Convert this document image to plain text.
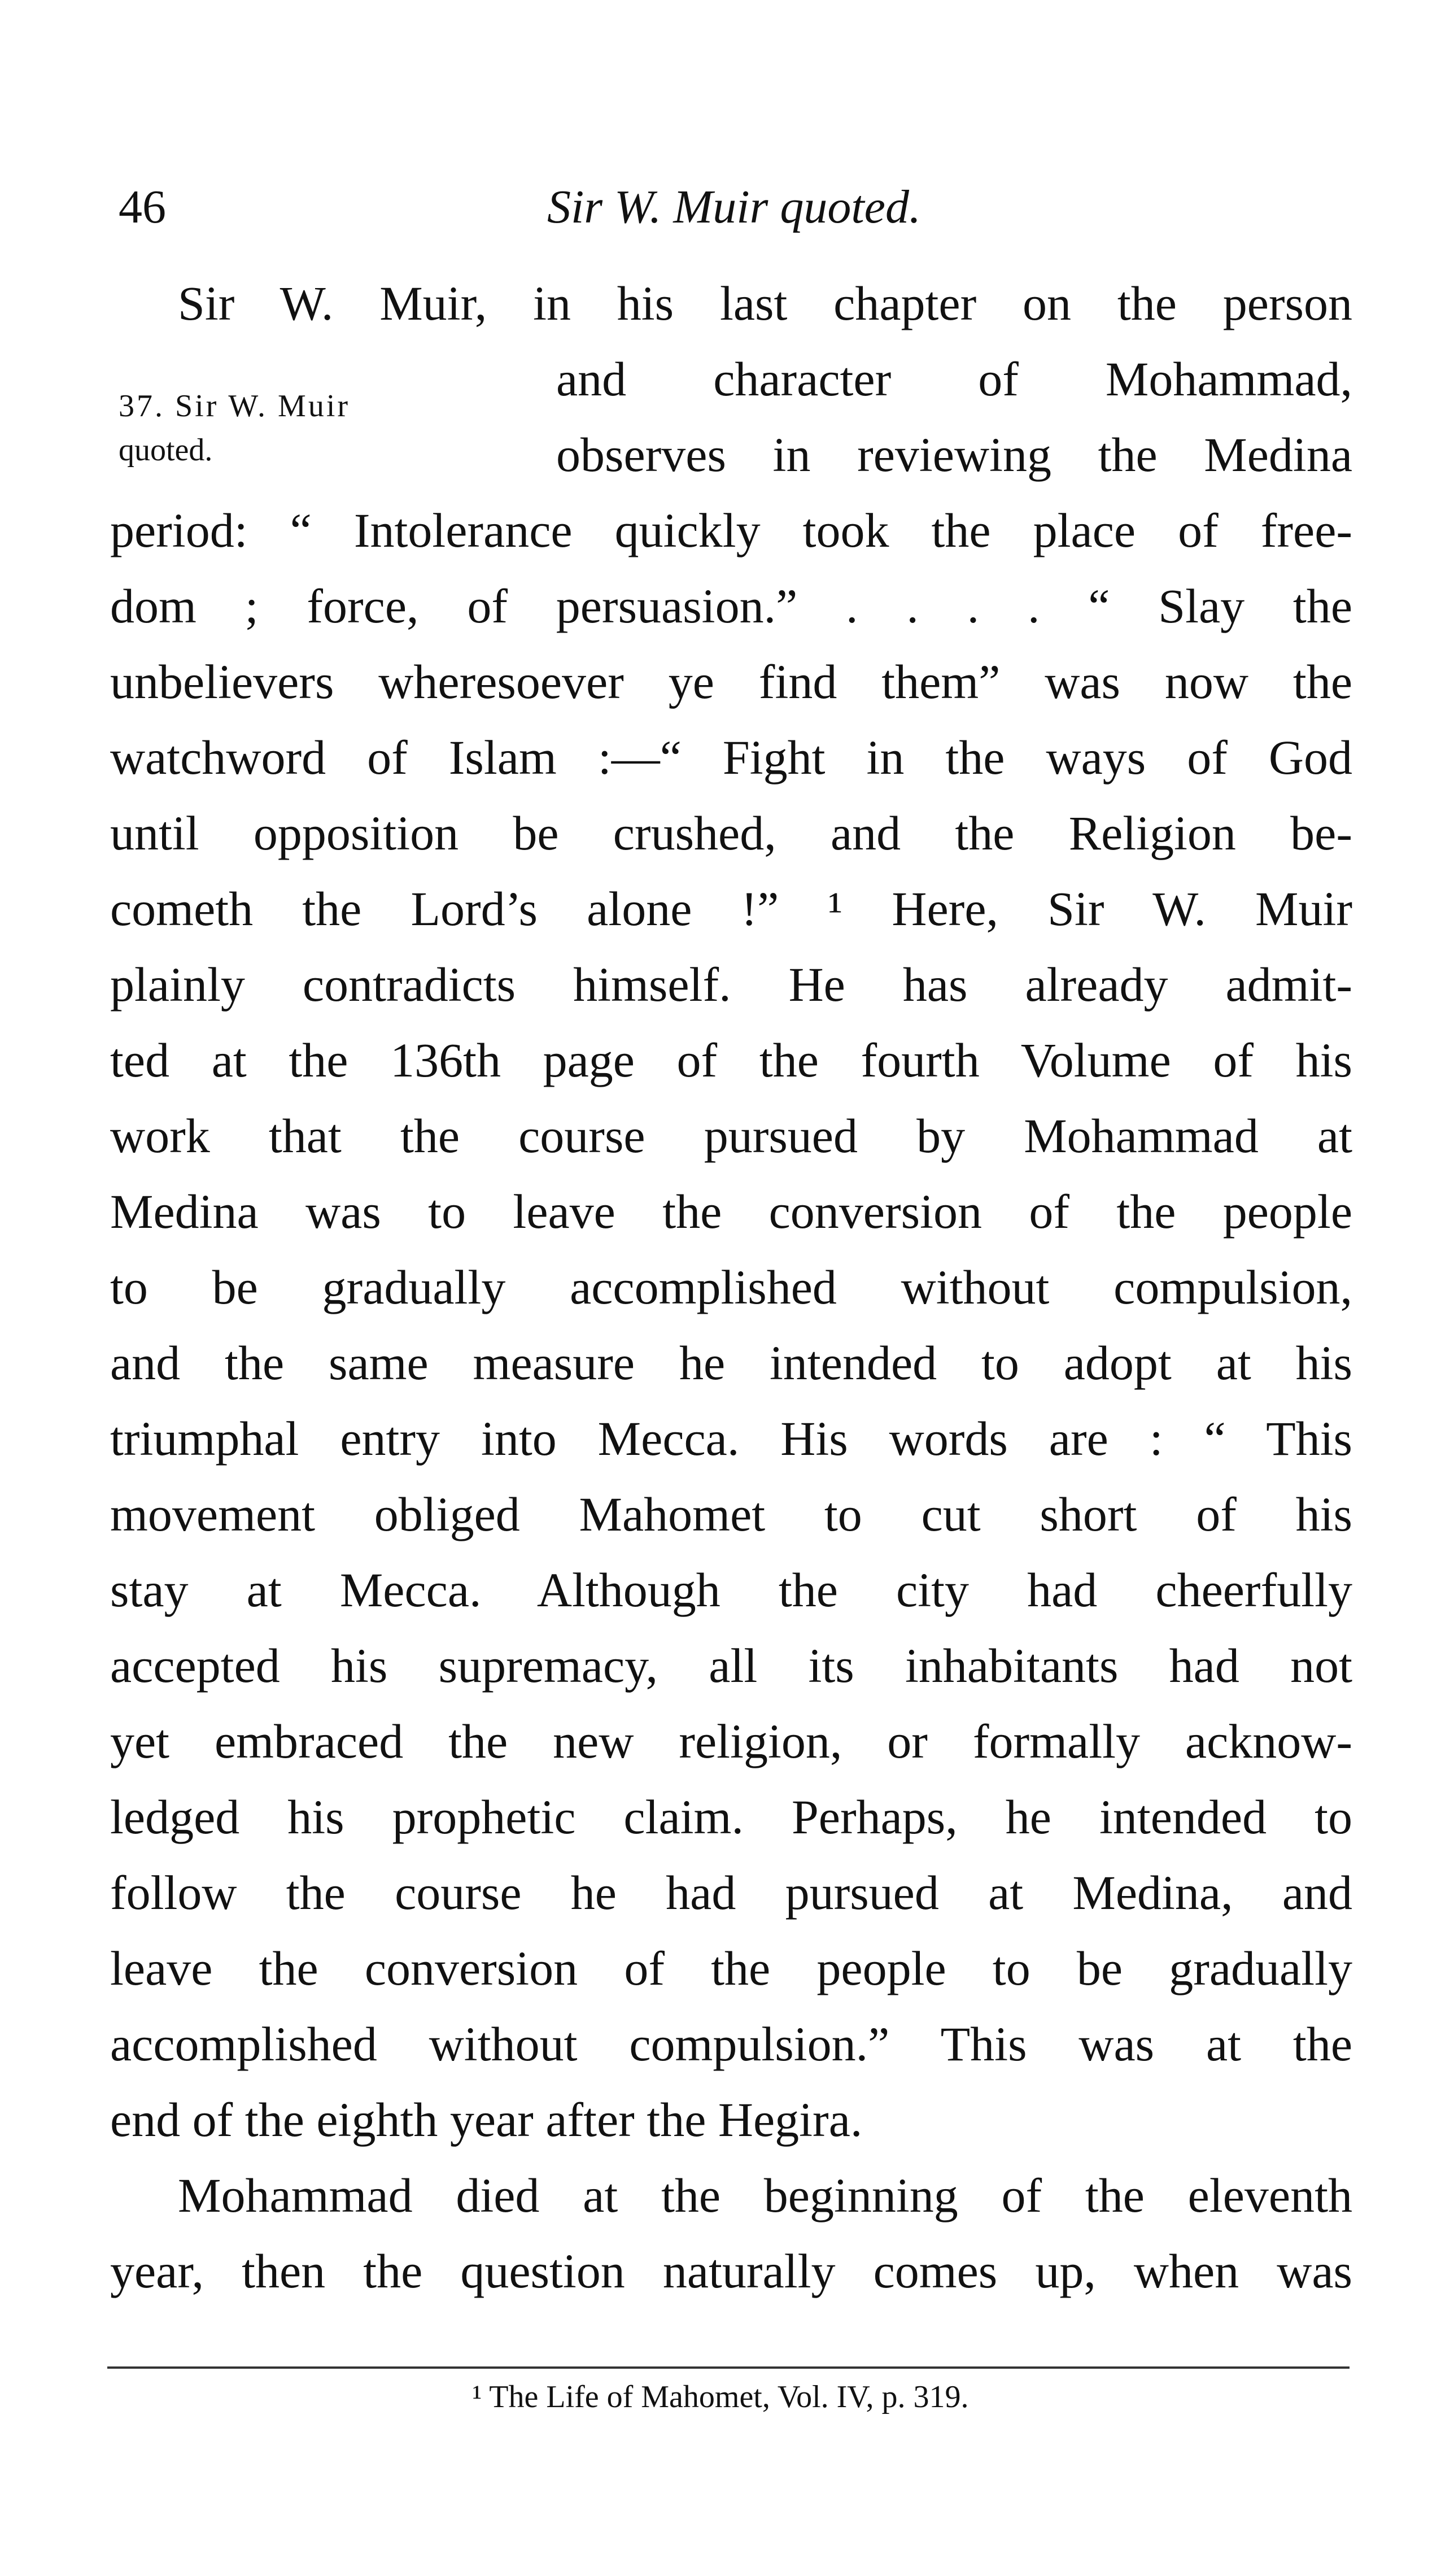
46	Sir W. Muir quoted.
37. Sir W. Muir
quoted.
Sir W. Muir, in his last chapter on the person
and character of Mohammad,
observes in reviewing the Medina
period: “ Intolerance quickly took the place of free-
dom ; force, of persuasion.” . . . . “ Slay the
unbelievers wheresoever ye find them” was now the
watchword of Islam :—“ Fight in the ways of God
until opposition be crushed, and the Religion be-
cometh the Lord’s alone !” ¹ Here, Sir W. Muir
plainly contradicts himself. He has already admit-
ted at the 136th page of the fourth Volume of his
work that the course pursued by Mohammad at
Medina was to leave the conversion of the people
to be gradually accomplished without compulsion,
and the same measure he intended to adopt at his
triumphal entry into Mecca. His words are : “ This
movement obliged Mahomet to cut short of his
stay at Mecca. Although the city had cheerfully
accepted his supremacy, all its inhabitants had not
yet embraced the new religion, or formally acknow-
ledged his prophetic claim. Perhaps, he intended to
follow the course he had pursued at Medina, and
leave the conversion of the people to be gradually
accomplished without compulsion.” This was at the
end of the eighth year after the Hegira.
Mohammad died at the beginning of the eleventh
year, then the question naturally comes up, when was
¹ The Life of Mahomet, Vol. IV, p. 319.
